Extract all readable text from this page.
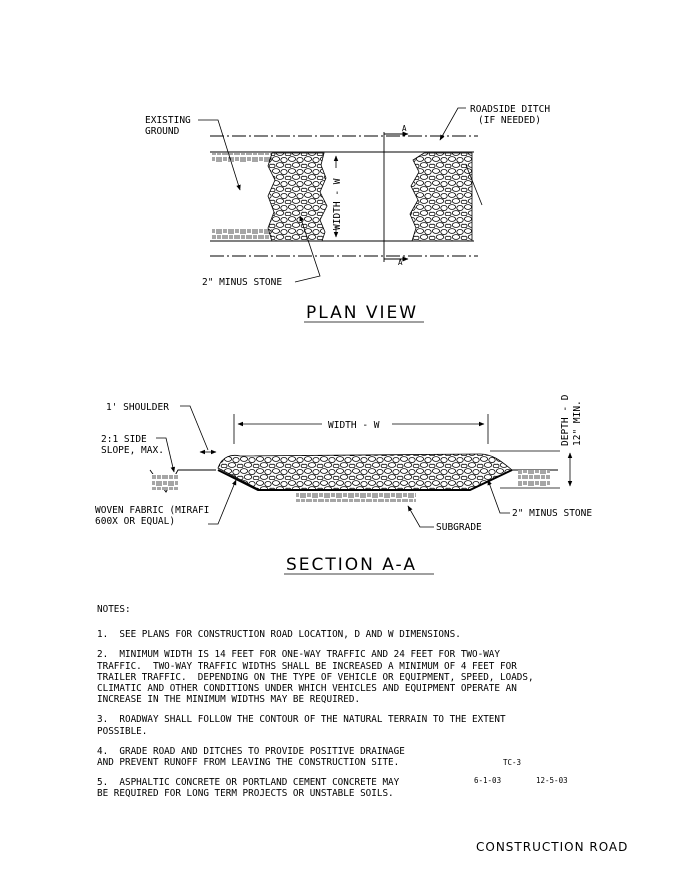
A
A
WIDTH - W
EXISTING
GROUND
ROADSIDE DITCH
(IF NEEDED)
2" MINUS STONE
PLAN VIEW
WIDTH - W	DEPTH - D 12" MIN.
1' SHOULDER
2:1 SIDE
SLOPE, MAX.
WOVEN FABRIC (MIRAFI
600X OR EQUAL)
SUBGRADE
2" MINUS STONE
SECTION A-A

NOTES:

1.  SEE PLANS FOR CONSTRUCTION ROAD LOCATION, D AND W DIMENSIONS.

2.  MINIMUM WIDTH IS 14 FEET FOR ONE-WAY TRAFFIC AND 24 FEET FOR TWO-WAY
TRAFFIC.  TWO-WAY TRAFFIC WIDTHS SHALL BE INCREASED A MINIMUM OF 4 FEET FOR
TRAILER TRAFFIC.  DEPENDING ON THE TYPE OF VEHICLE OR EQUIPMENT, SPEED, LOADS,
CLIMATIC AND OTHER CONDITIONS UNDER WHICH VEHICLES AND EQUIPMENT OPERATE AN
INCREASE IN THE MINIMUM WIDTHS MAY BE REQUIRED.

3.  ROADWAY SHALL FOLLOW THE CONTOUR OF THE NATURAL TERRAIN TO THE EXTENT
POSSIBLE.

4.  GRADE ROAD AND DITCHES TO PROVIDE POSITIVE DRAINAGE
AND PREVENT RUNOFF FROM LEAVING THE CONSTRUCTION SITE.

5.  ASPHALTIC CONCRETE OR PORTLAND CEMENT CONCRETE MAY
BE REQUIRED FOR LONG TERM PROJECTS OR UNSTABLE SOILS.

TC-3
6-1-03	12-5-03
CONSTRUCTION ROAD
